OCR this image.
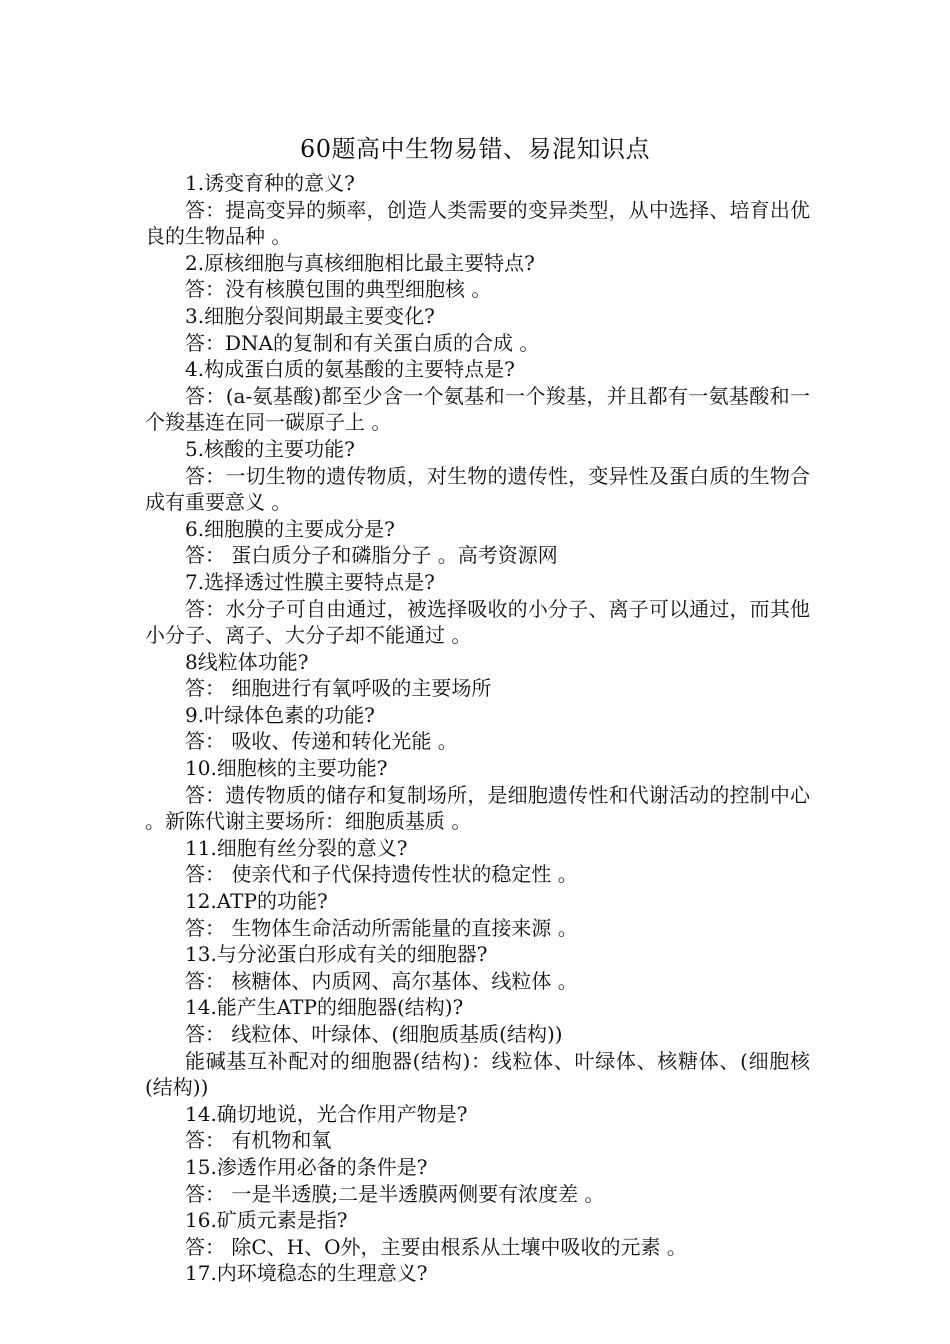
60题高中生物易错、易混知识点

1.诱变育种的意义?

答：提高变异的频率，创造人类需要的变异类型，从中选择、培育出优良的生物品种 。

2.原核细胞与真核细胞相比最主要特点?

答：没有核膜包围的典型细胞核 。

3.细胞分裂间期最主要变化?

答：DNA的复制和有关蛋白质的合成 。

4.构成蛋白质的氨基酸的主要特点是?

答：(a-氨基酸)都至少含一个氨基和一个羧基，并且都有一氨基酸和一个羧基连在同一碳原子上 。

5.核酸的主要功能?

答：一切生物的遗传物质，对生物的遗传性，变异性及蛋白质的生物合成有重要意义 。

6.细胞膜的主要成分是?

答： 蛋白质分子和磷脂分子 。高考资源网

7.选择透过性膜主要特点是?

答：水分子可自由通过，被选择吸收的小分子、离子可以通过，而其他小分子、离子、大分子却不能通过 。

8线粒体功能?

答： 细胞进行有氧呼吸的主要场所

9.叶绿体色素的功能?

答： 吸收、传递和转化光能 。

10.细胞核的主要功能?

答：遗传物质的储存和复制场所，是细胞遗传性和代谢活动的控制中心 。新陈代谢主要场所：细胞质基质 。

11.细胞有丝分裂的意义?

答： 使亲代和子代保持遗传性状的稳定性 。

12.ATP的功能?

答： 生物体生命活动所需能量的直接来源 。

13.与分泌蛋白形成有关的细胞器?

答： 核糖体、内质网、高尔基体、线粒体 。

14.能产生ATP的细胞器(结构)?

答： 线粒体、叶绿体、(细胞质基质(结构))

能碱基互补配对的细胞器(结构)：线粒体、叶绿体、核糖体、(细胞核(结构))

14.确切地说，光合作用产物是?

答： 有机物和氧

15.渗透作用必备的条件是?

答： 一是半透膜;二是半透膜两侧要有浓度差 。

16.矿质元素是指?

答： 除C、H、O外，主要由根系从土壤中吸收的元素 。

17.内环境稳态的生理意义?
